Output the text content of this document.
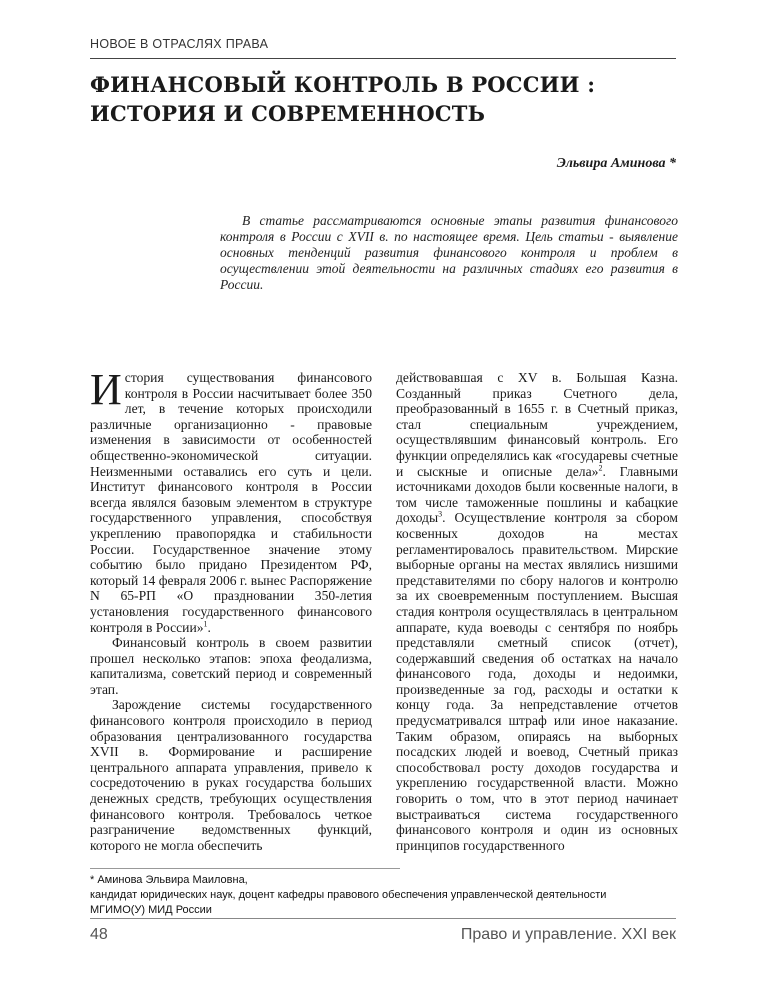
НОВОЕ В ОТРАСЛЯХ ПРАВА
ФИНАНСОВЫЙ КОНТРОЛЬ В РОССИИ :
ИСТОРИЯ И СОВРЕМЕННОСТЬ
Эльвира Аминова *

В статье рассматриваются основные этапы развития финансового контроля в России с XVII в. по настоящее время. Цель статьи - выявление основных тенденций развития финансового контроля и проблем в осуществлении этой деятельности на различных стадиях его развития в России.

История существования финансового контроля в России насчитывает более 350 лет, в течение которых происходили различные организационно - правовые изменения в зависимости от особенностей общественно-экономической ситуации. Неизменными оставались его суть и цели. Институт финансового контроля в России всегда являлся базовым элементом в структуре государственного управления, способствуя укреплению правопорядка и стабильности России. Государственное значение этому событию было придано Президентом РФ, который 14 февраля 2006 г. вынес Распоряжение N 65-РП «О праздновании 350-летия установления государственного финансового контроля в России»$^1$.

Финансовый контроль в своем развитии прошел несколько этапов: эпоха феодализма, капитализма, советский период и современный этап.

Зарождение системы государственного финансового контроля происходило в период образования централизованного государства XVII в. Формирование и расширение центрального аппарата управления, привело к сосредоточению в руках государства больших денежных средств, требующих осуществления финансового контроля. Требовалось четкое разграничение ведомственных функций, которого не могла обеспечить

действовавшая с XV в. Большая Казна. Созданный приказ Счетного дела, преобразованный в 1655 г. в Счетный приказ, стал специальным учреждением, осуществлявшим финансовый контроль. Его функции определялись как «государевы счетные и сыскные и описные дела»$^2$. Главными источниками доходов были косвенные налоги, в том числе таможенные пошлины и кабацкие доходы$^3$. Осуществление контроля за сбором косвенных доходов на местах регламентировалось правительством. Мирские выборные органы на местах являлись низшими представителями по сбору налогов и контролю за их своевременным поступлением. Высшая стадия контроля осуществлялась в центральном аппарате, куда воеводы с сентября по ноябрь представляли сметный список (отчет), содержавший сведения об остатках на начало финансового года, доходы и недоимки, произведенные за год, расходы и остатки к концу года. За непредставление отчетов предусматривался штраф или иное наказание. Таким образом, опираясь на выборных посадских людей и воевод, Счетный приказ способствовал росту доходов государства и укреплению государственной власти. Можно говорить о том, что в этот период начинает выстраиваться система государственного финансового контроля и один из основных принципов государственного

* Аминова Эльвира Маиловна,
кандидат юридических наук, доцент кафедры правового обеспечения управленческой деятельности
МГИМО(У) МИД России
48	Право и управление. XXI век
